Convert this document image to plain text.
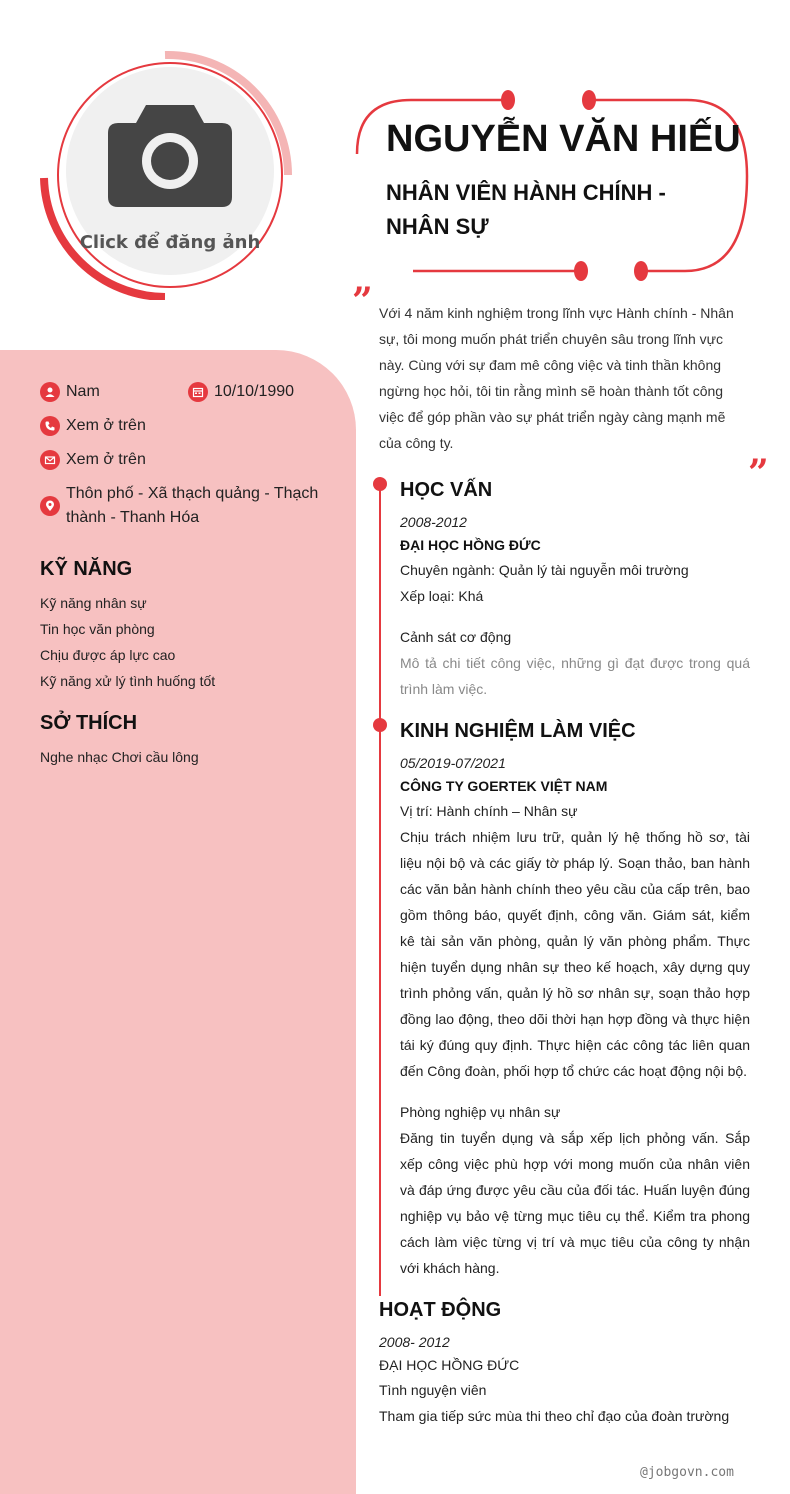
Click để đăng ảnh
NGUYỄN VĂN HIẾU
NHÂN VIÊN HÀNH CHÍNH - NHÂN SỰ
” Với 4 năm kinh nghiệm trong lĩnh vực Hành chính - Nhân sự, tôi mong muốn phát triển chuyên sâu trong lĩnh vực này. Cùng với sự đam mê công việc và tinh thần không ngừng học hỏi, tôi tin rằng mình sẽ hoàn thành tốt công việc để góp phần vào sự phát triển ngày càng mạnh mẽ của công ty.
”
Nam	10/10/1990
Xem ở trên
Xem ở trên
Thôn phố - Xã thạch quảng - Thạch thành - Thanh Hóa
KỸ NĂNG
Kỹ năng nhân sự
Tin học văn phòng
Chịu được áp lực cao
Kỹ năng xử lý tình huống tốt
SỞ THÍCH
Nghe nhạc Chơi cầu lông
HỌC VẤN
2008-2012
ĐẠI HỌC HỒNG ĐỨC
Chuyên ngành: Quản lý tài nguyễn môi trường
Xếp loại: Khá
Cảnh sát cơ động
Mô tả chi tiết công việc, những gì đạt được trong quá trình làm việc.
KINH NGHIỆM LÀM VIỆC
05/2019-07/2021
CÔNG TY GOERTEK VIỆT NAM
Vị trí: Hành chính – Nhân sự
Chịu trách nhiệm lưu trữ, quản lý hệ thống hồ sơ, tài liệu nội bộ và các giấy tờ pháp lý. Soạn thảo, ban hành các văn bản hành chính theo yêu cầu của cấp trên, bao gồm thông báo, quyết định, công văn. Giám sát, kiểm kê tài sản văn phòng, quản lý văn phòng phẩm. Thực hiện tuyển dụng nhân sự theo kế hoạch, xây dựng quy trình phỏng vấn, quản lý hồ sơ nhân sự, soạn thảo hợp đồng lao động, theo dõi thời hạn hợp đồng và thực hiện tái ký đúng quy định. Thực hiện các công tác liên quan đến Công đoàn, phối hợp tổ chức các hoạt động nội bộ.
Phòng nghiệp vụ nhân sự
Đăng tin tuyển dụng và sắp xếp lịch phỏng vấn. Sắp xếp công việc phù hợp với mong muốn của nhân viên và đáp ứng được yêu cầu của đối tác. Huấn luyện đúng nghiệp vụ bảo vệ từng mục tiêu cụ thể. Kiểm tra phong cách làm việc từng vị trí và mục tiêu của công ty nhận với khách hàng.
HOẠT ĐỘNG
2008- 2012
ĐẠI HỌC HỒNG ĐỨC
Tình nguyện viên
Tham gia tiếp sức mùa thi theo chỉ đạo của đoàn trường
@jobgovn.com
